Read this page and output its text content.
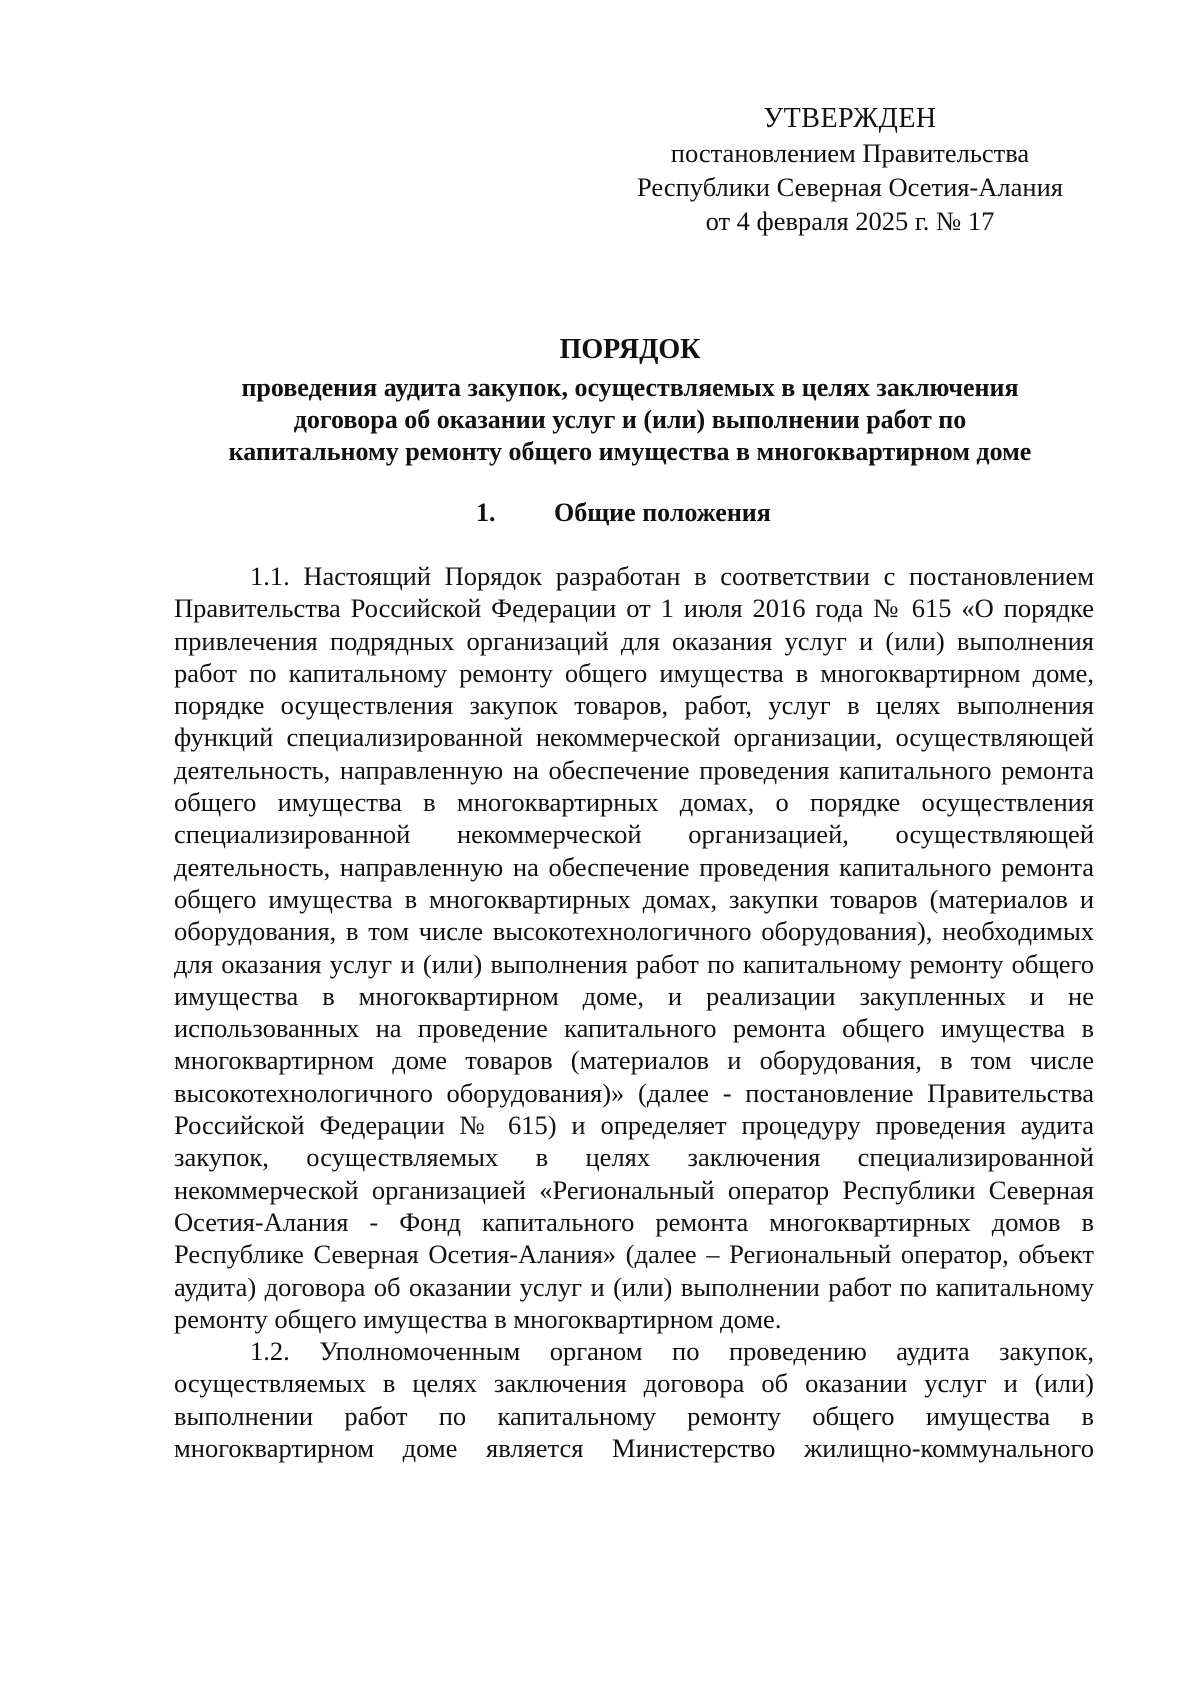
УТВЕРЖДЕН
постановлением Правительства
Республики Северная Осетия-Алания
от 4 февраля 2025 г. № 17
ПОРЯДОК
проведения аудита закупок, осуществляемых в целях заключения
договора об оказании услуг и (или) выполнении работ по
капитальному ремонту общего имущества в многоквартирном доме
1. Общие положения

1.1. Настоящий Порядок разработан в соответствии с постановлением Правительства Российской Федерации от 1 июля 2016 года № 615 «О порядке привлечения подрядных организаций для оказания услуг и (или) выполнения работ по капитальному ремонту общего имущества в многоквартирном доме, порядке осуществления закупок товаров, работ, услуг в целях выполнения функций специализированной некоммерческой организации, осуществляющей деятельность, направленную на обеспечение проведения капитального ремонта общего имущества в многоквартирных домах, о порядке осуществления специализированной некоммерческой организацией, осуществляющей деятельность, направленную на обеспечение проведения капитального ремонта общего имущества в многоквартирных домах, закупки товаров (материалов и оборудования, в том числе высокотехнологичного оборудования), необходимых для оказания услуг и (или) выполнения работ по капитальному ремонту общего имущества в многоквартирном доме, и реализации закупленных и не использованных на проведение капитального ремонта общего имущества в многоквартирном доме товаров (материалов и оборудования, в том числе высокотехнологичного оборудования)» (далее - постановление Правительства Российской Федерации № 615) и определяет процедуру проведения аудита закупок, осуществляемых в целях заключения специализированной некоммерческой организацией «Региональный оператор Республики Северная Осетия-Алания - Фонд капитального ремонта многоквартирных домов в Республике Северная Осетия-Алания» (далее – Региональный оператор, объект аудита) договора об оказании услуг и (или) выполнении работ по капитальному ремонту общего имущества в многоквартирном доме.

1.2. Уполномоченным органом по проведению аудита закупок, осуществляемых в целях заключения договора об оказании услуг и (или) выполнении работ по капитальному ремонту общего имущества в многоквартирном доме является Министерство жилищно-коммунального
